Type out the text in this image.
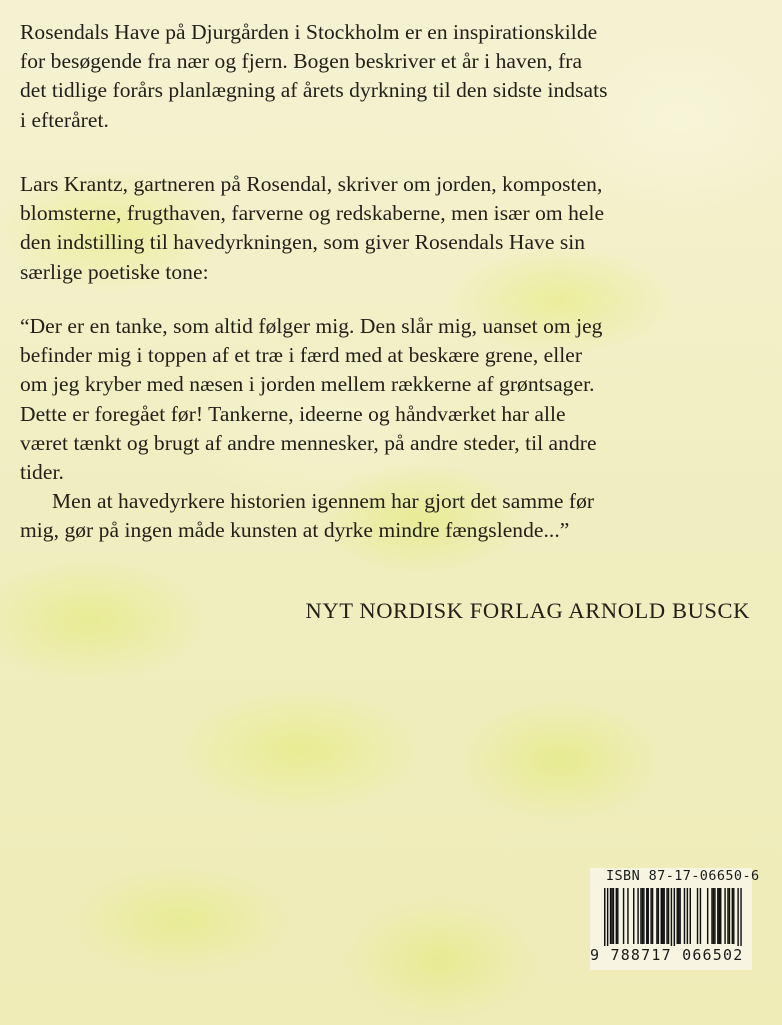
Rosendals Have på Djurgården i Stockholm er en inspirationskilde
for besøgende fra nær og fjern. Bogen beskriver et år i haven, fra
det tidlige forårs planlægning af årets dyrkning til den sidste indsats
i efteråret.
Lars Krantz, gartneren på Rosendal, skriver om jorden, komposten,
blomsterne, frugthaven, farverne og redskaberne, men især om hele
den indstilling til havedyrkningen, som giver Rosendals Have sin
særlige poetiske tone:
“Der er en tanke, som altid følger mig. Den slår mig, uanset om jeg
befinder mig i toppen af et træ i færd med at beskære grene, eller
om jeg kryber med næsen i jorden mellem rækkerne af grøntsager.
Dette er foregået før! Tankerne, ideerne og håndværket har alle
været tænkt og brugt af andre mennesker, på andre steder, til andre
tider.
Men at havedyrkere historien igennem har gjort det samme før
mig, gør på ingen måde kunsten at dyrke mindre fængslende...”
NYT NORDISK FORLAG ARNOLD BUSCK
ISBN 87-17-06650-6
9 788717 066502
